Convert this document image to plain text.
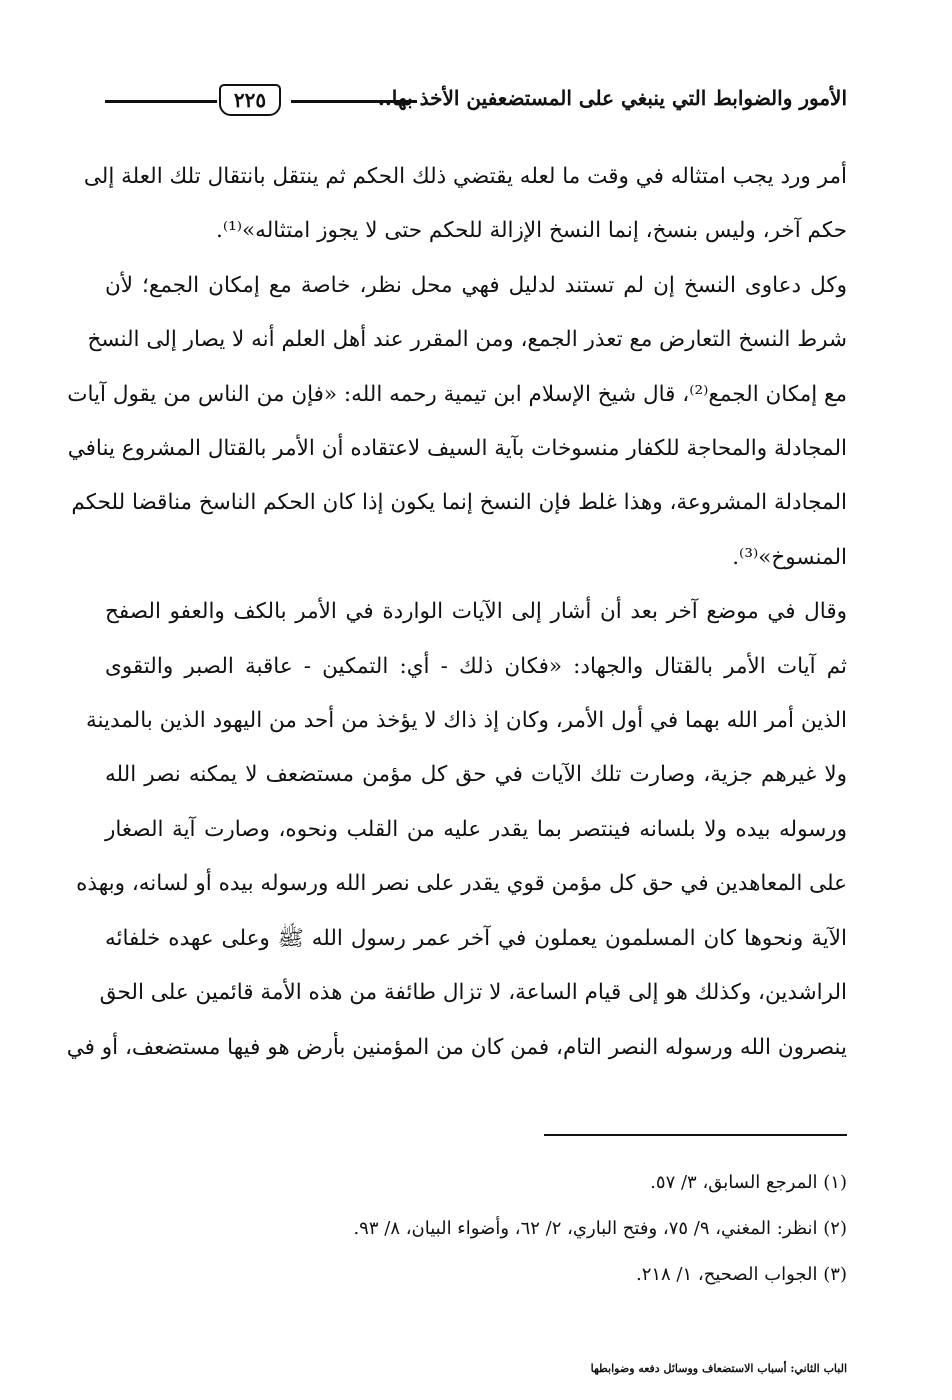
الأمور والضوابط التي ينبغي على المستضعفين الأخذ بها..
٢٢٥

أمر ورد يجب امتثاله في وقت ما لعله يقتضي ذلك الحكم ثم ينتقل بانتقال تلك العلة إلى
حكم آخر، وليس بنسخ، إنما النسخ الإزالة للحكم حتى لا يجوز امتثاله»⁽¹⁾.

وكل دعاوى النسخ إن لم تستند لدليل فهي محل نظر، خاصة مع إمكان الجمع؛ لأن
شرط النسخ التعارض مع تعذر الجمع، ومن المقرر عند أهل العلم أنه لا يصار إلى النسخ
مع إمكان الجمع⁽²⁾، قال شيخ الإسلام ابن تيمية رحمه الله: «فإن من الناس من يقول آيات
المجادلة والمحاجة للكفار منسوخات بآية السيف لاعتقاده أن الأمر بالقتال المشروع ينافي
المجادلة المشروعة، وهذا غلط فإن النسخ إنما يكون إذا كان الحكم الناسخ مناقضا للحكم
المنسوخ»⁽³⁾.

وقال في موضع آخر بعد أن أشار إلى الآيات الواردة في الأمر بالكف والعفو الصفح
ثم آيات الأمر بالقتال والجهاد: «فكان ذلك - أي: التمكين - عاقبة الصبر والتقوى
الذين أمر الله بهما في أول الأمر، وكان إذ ذاك لا يؤخذ من أحد من اليهود الذين بالمدينة
ولا غيرهم جزية، وصارت تلك الآيات في حق كل مؤمن مستضعف لا يمكنه نصر الله
ورسوله بيده ولا بلسانه فينتصر بما يقدر عليه من القلب ونحوه، وصارت آية الصغار
على المعاهدين في حق كل مؤمن قوي يقدر على نصر الله ورسوله بيده أو لسانه، وبهذه
الآية ونحوها كان المسلمون يعملون في آخر عمر رسول الله ﷺ وعلى عهده خلفائه
الراشدين، وكذلك هو إلى قيام الساعة، لا تزال طائفة من هذه الأمة قائمين على الحق
ينصرون الله ورسوله النصر التام، فمن كان من المؤمنين بأرض هو فيها مستضعف، أو في

(١) المرجع السابق، ٣/ ٥٧.
(٢) انظر: المغني، ٩/ ٧٥، وفتح الباري، ٢/ ٦٢، وأضواء البيان، ٨/ ٩٣.
(٣) الجواب الصحيح، ١/ ٢١٨.
الباب الثاني: أسباب الاستضعاف ووسائل دفعه وضوابطها
